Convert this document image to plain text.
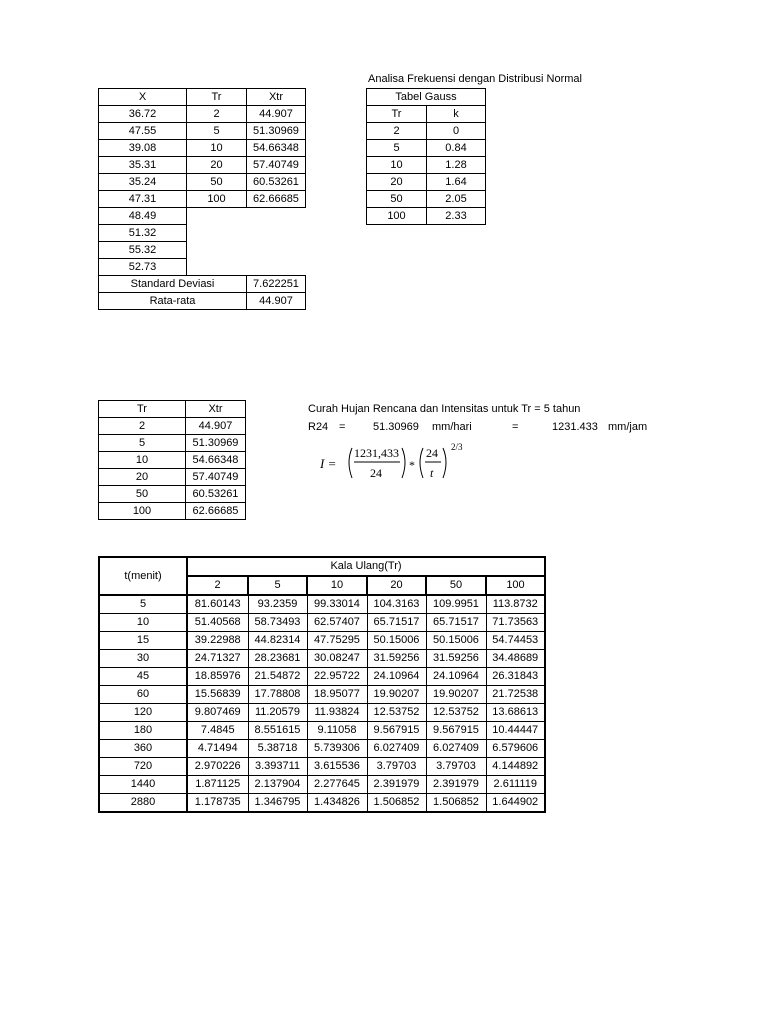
Analisa Frekuensi dengan Distribusi Normal
X	Tr	Xtr
36.72	2	44.907
47.55	5	51.30969
39.08	10	54.66348
35.31	20	57.40749
35.24	50	60.53261
47.31	100	62.66685
48.49		
51.32		
55.32		
52.73		
Standard Deviasi		7.622251
Rata-rata		44.907
Tabel Gauss	
Tr	k
2	0
5	0.84
10	1.28
20	1.64
50	2.05
100	2.33
Tr	Xtr
2	44.907
5	51.30969
10	54.66348
20	57.40749
50	60.53261
100	62.66685
Curah Hujan Rencana dan Intensitas untuk Tr = 5 tahun
R24 =	51.30969 mm/hari	=	1231.433 mm/jam
I =
1231,433
24
*
24
t
2/3
t(menit)	Kala Ulang(Tr)					
	2	5	10	20	50	100
5	81.60143	93.2359	99.33014	104.3163	109.9951	113.8732
10	51.40568	58.73493	62.57407	65.71517	65.71517	71.73563
15	39.22988	44.82314	47.75295	50.15006	50.15006	54.74453
30	24.71327	28.23681	30.08247	31.59256	31.59256	34.48689
45	18.85976	21.54872	22.95722	24.10964	24.10964	26.31843
60	15.56839	17.78808	18.95077	19.90207	19.90207	21.72538
120	9.807469	11.20579	11.93824	12.53752	12.53752	13.68613
180	7.4845	8.551615	9.11058	9.567915	9.567915	10.44447
360	4.71494	5.38718	5.739306	6.027409	6.027409	6.579606
720	2.970226	3.393711	3.615536	3.79703	3.79703	4.144892
1440	1.871125	2.137904	2.277645	2.391979	2.391979	2.611119
2880	1.178735	1.346795	1.434826	1.506852	1.506852	1.644902
